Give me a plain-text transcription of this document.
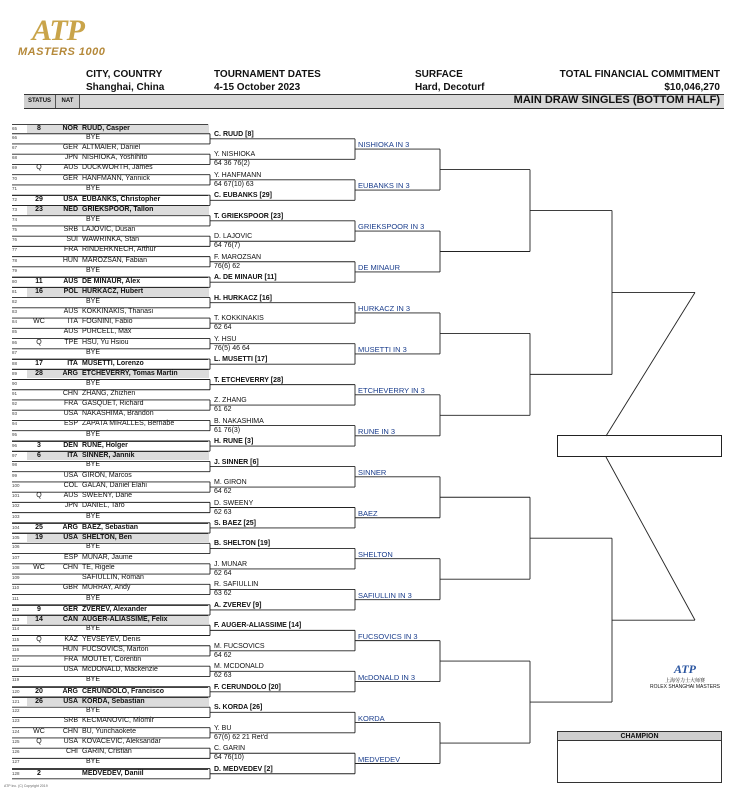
ATP
MASTERS 1000
CITY, COUNTRY
Shanghai, China
TOURNAMENT DATES
4-15 October 2023
SURFACE
Hard, Decoturf
TOTAL FINANCIAL COMMITMENT
$10,046,270
STATUS	NAT	MAIN DRAW SINGLES (BOTTOM HALF)
65	8	NOR RUUD, Casper
66	BYE
67	GER ALTMAIER, Daniel
68	JPN NISHIOKA, Yoshihito
69	Q	AUS DUCKWORTH, James
70	GER HANFMANN, Yannick
71	BYE
72	29	USA EUBANKS, Christopher
73	23	NED GRIEKSPOOR, Tallon
74	BYE
75	SRB LAJOVIC, Dusan
76	SUI WAWRINKA, Stan
77	FRA RINDERKNECH, Arthur
78	HUN MAROZSAN, Fabian
79	BYE
80	11	AUS DE MINAUR, Alex
81	16	POL HURKACZ, Hubert
82	BYE
83	AUS KOKKINAKIS, Thanasi
84	WC	ITA FOGNINI, Fabio
85	AUS PURCELL, Max
86	Q	TPE HSU, Yu Hsiou
87	BYE
88	17	ITA MUSETTI, Lorenzo
89	28	ARG ETCHEVERRY, Tomas Martin
90	BYE
91	CHN ZHANG, Zhizhen
92	FRA GASQUET, Richard
93	USA NAKASHIMA, Brandon
94	ESP ZAPATA MIRALLES, Bernabe
95	BYE
96	3	DEN RUNE, Holger
97	6	ITA SINNER, Jannik
98	BYE
99	USA GIRON, Marcos
100	COL GALAN, Daniel Elahi
101	Q	AUS SWEENY, Dane
102	JPN DANIEL, Taro
103	BYE
104	25	ARG BAEZ, Sebastian
105	19	USA SHELTON, Ben
106	BYE
107	ESP MUNAR, Jaume
108	WC	CHN TE, Rigele
109	SAFIULLIN, Roman
110	GBR MURRAY, Andy
111	BYE
112	9	GER ZVEREV, Alexander
113	14	CAN AUGER-ALIASSIME, Felix
114	BYE
115	Q	KAZ YEVSEYEV, Denis
116	HUN FUCSOVICS, Marton
117	FRA MOUTET, Corentin
118	USA McDONALD, Mackenzie
119	BYE
120	20	ARG CERUNDOLO, Francisco
121	26	USA KORDA, Sebastian
122	BYE
123	SRB KECMANOVIC, Miomir
124	WC	CHN BU, Yunchaokete
125	Q	USA KOVACEVIC, Aleksandar
126	CHI GARIN, Cristian
127	BYE
128	2	MEDVEDEV, Daniil
C. RUUD [8]
Y. NISHIOKA
64 36 76(2)
Y. HANFMANN
64 67(10) 63
C. EUBANKS [29]
T. GRIEKSPOOR [23]
D. LAJOVIC
64 76(7)
F. MAROZSAN
76(6) 62
A. DE MINAUR [11]
H. HURKACZ [16]
T. KOKKINAKIS
62 64
Y. HSU
76(5) 46 64
L. MUSETTI [17]
T. ETCHEVERRY [28]
Z. ZHANG
61 62
B. NAKASHIMA
61 76(3)
H. RUNE [3]
J. SINNER [6]
M. GIRON
64 62
D. SWEENY
62 63
S. BAEZ [25]
B. SHELTON [19]
J. MUNAR
62 64
R. SAFIULLIN
63 62
A. ZVEREV [9]
F. AUGER-ALIASSIME [14]
M. FUCSOVICS
64 62
M. MCDONALD
62 63
F. CERUNDOLO [20]
S. KORDA [26]
Y. BU
67(6) 62 21 Ret'd
C. GARIN
64 76(10)
D. MEDVEDEV [2]
NISHIOKA IN 3
EUBANKS IN 3
GRIEKSPOOR IN 3
DE MINAUR
HURKACZ IN 3
MUSETTI IN 3
ETCHEVERRY IN 3
RUNE IN 3
SINNER
BAEZ
SHELTON
SAFIULLIN IN 3
FUCSOVICS IN 3
McDONALD IN 3
KORDA
MEDVEDEV
CHAMPION
ATP
上海劳力士大师赛
ROLEX SHANGHAI MASTERS
ATP Inc. (C) Copyright 2019
